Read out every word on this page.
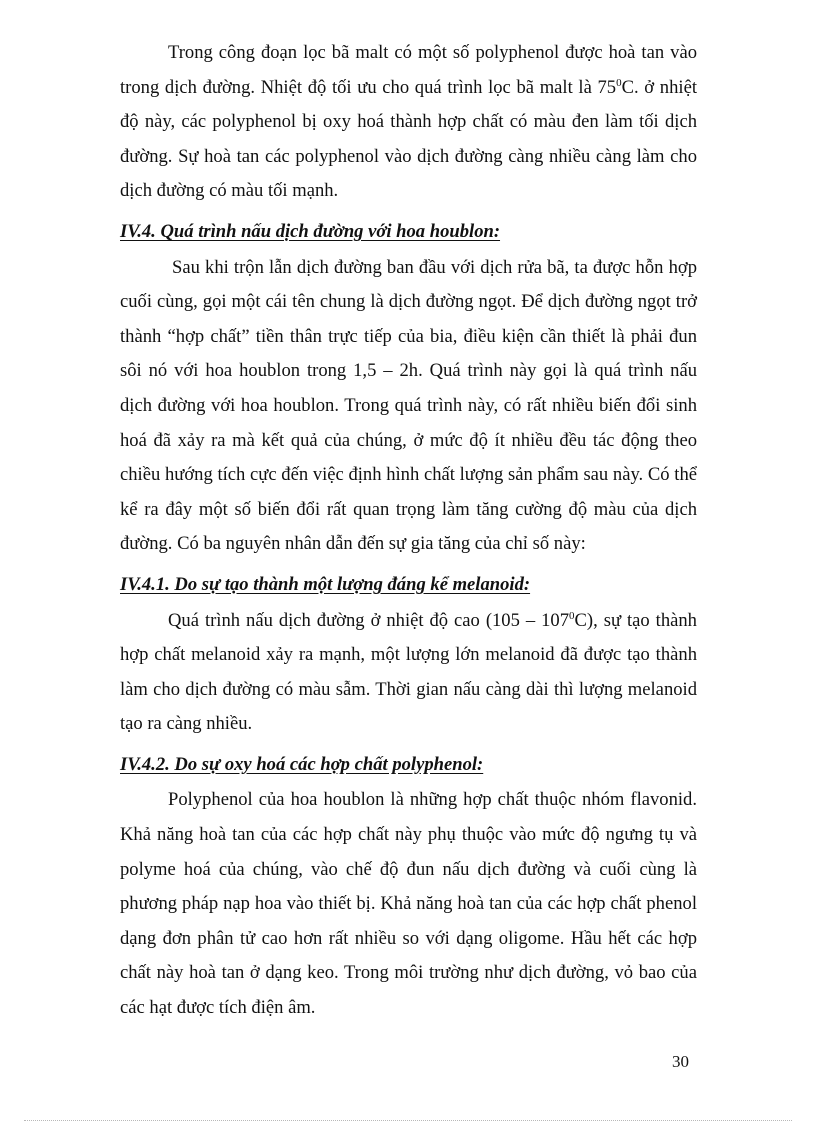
Trong công đoạn lọc bã malt có một số polyphenol được hoà tan vào trong dịch đường. Nhiệt độ tối ưu cho quá trình lọc bã malt là $75^0C$. ở nhiệt độ này, các polyphenol bị oxy hoá thành hợp chất có màu đen làm tối dịch đường. Sự hoà tan các polyphenol vào dịch đường càng nhiều càng làm cho dịch đường có màu tối mạnh.

IV.4. Quá trình nấu dịch đường với hoa houblon:

Sau khi trộn lẫn dịch đường ban đầu với dịch rửa bã, ta được hỗn hợp cuối cùng, gọi một cái tên chung là dịch đường ngọt. Để dịch đường ngọt trở thành “hợp chất” tiền thân trực tiếp của bia, điều kiện cần thiết là phải đun sôi nó với hoa houblon trong 1,5 – 2h. Quá trình này gọi là quá trình nấu dịch đường với hoa houblon. Trong quá trình này, có rất nhiều biến đổi sinh hoá đã xảy ra mà kết quả của chúng, ở mức độ ít nhiều đều tác động theo chiều hướng tích cực đến việc định hình chất lượng sản phẩm sau này. Có thể kể ra đây một số biến đổi rất quan trọng làm tăng cường độ màu của dịch đường. Có ba nguyên nhân dẫn đến sự gia tăng của chỉ số này:

IV.4.1. Do sự tạo thành một lượng đáng kể melanoid:

Quá trình nấu dịch đường ở nhiệt độ cao $(105 - 107^0C)$, sự tạo thành hợp chất melanoid xảy ra mạnh, một lượng lớn melanoid đã được tạo thành làm cho dịch đường có màu sẫm. Thời gian nấu càng dài thì lượng melanoid tạo ra càng nhiều.

IV.4.2. Do sự oxy hoá các hợp chất polyphenol:

Polyphenol của hoa houblon là những hợp chất thuộc nhóm flavonid. Khả năng hoà tan của các hợp chất này phụ thuộc vào mức độ ngưng tụ và polyme hoá của chúng, vào chế độ đun nấu dịch đường và cuối cùng là phương pháp nạp hoa vào thiết bị. Khả năng hoà tan của các hợp chất phenol dạng đơn phân tử cao hơn rất nhiều so với dạng oligome. Hầu hết các hợp chất này hoà tan ở dạng keo. Trong môi trường như dịch đường, vỏ bao của các hạt được tích điện âm.

30
